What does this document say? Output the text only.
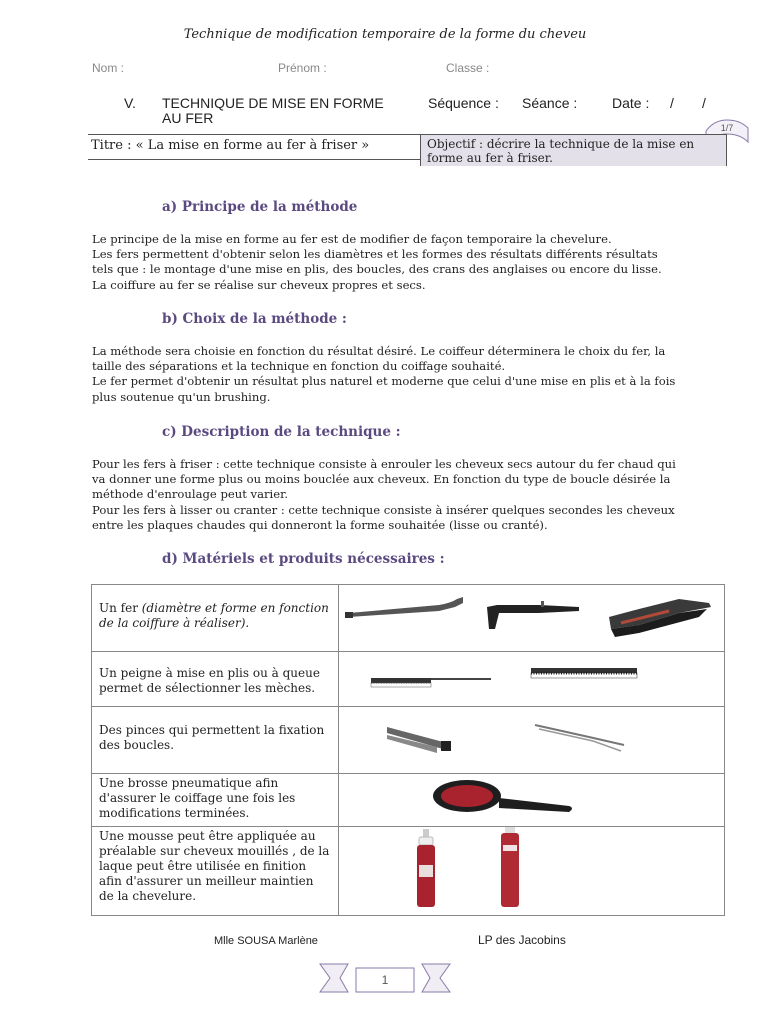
Technique de modification temporaire de la forme du cheveu
Nom :	Prénom :	Classe :
V. TECHNIQUE DE MISE EN FORME
AU FER
Séquence : Séance : Date : / /
1/7
Titre : « La mise en forme au fer à friser »	Objectif : décrire la technique de la mise en forme au fer à friser.
a) Principe de la méthode
Le principe de la mise en forme au fer est de modifier de façon temporaire la chevelure.
Les fers permettent d'obtenir selon les diamètres et les formes des résultats différents résultats
tels que : le montage d'une mise en plis, des boucles, des crans des anglaises ou encore du lisse.
La coiffure au fer se réalise sur cheveux propres et secs.
b) Choix de la méthode :
La méthode sera choisie en fonction du résultat désiré. Le coiffeur déterminera le choix du fer, la
taille des séparations et la technique en fonction du coiffage souhaité.
Le fer permet d'obtenir un résultat plus naturel et moderne que celui d'une mise en plis et à la fois
plus soutenue qu'un brushing.
c) Description de la technique :
Pour les fers à friser : cette technique consiste à enrouler les cheveux secs autour du fer chaud qui
va donner une forme plus ou moins bouclée aux cheveux. En fonction du type de boucle désirée la
méthode d'enroulage peut varier.
Pour les fers à lisser ou cranter : cette technique consiste à insérer quelques secondes les cheveux
entre les plaques chaudes qui donneront la forme souhaitée (lisse ou cranté).
d) Matériels et produits nécessaires :
Un fer (diamètre et forme en fonction de la coiffure à réaliser).	
Un peigne à mise en plis ou à queue permet de sélectionner les mèches.	
Des pinces qui permettent la fixation des boucles.	
Une brosse pneumatique afin d'assurer le coiffage une fois les modifications terminées.	
Une mousse peut être appliquée au préalable sur cheveux mouillés , de la laque peut être utilisée en finition afin d'assurer un meilleur maintien de la chevelure.	
Mlle SOUSA Marlène	LP des Jacobins
1
